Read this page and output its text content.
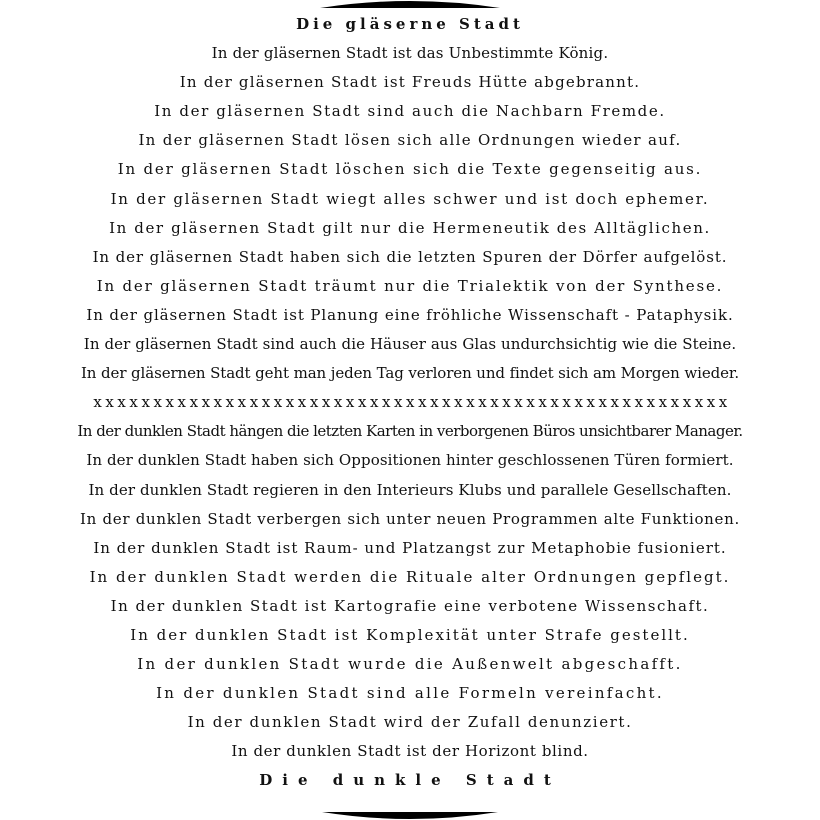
Die gläserne Stadt
In der gläsernen Stadt ist das Unbestimmte König.
In der gläsernen Stadt ist Freuds Hütte abgebrannt.
In der gläsernen Stadt sind auch die Nachbarn Fremde.
In der gläsernen Stadt lösen sich alle Ordnungen wieder auf.
In der gläsernen Stadt löschen sich die Texte gegenseitig aus.
In der gläsernen Stadt wiegt alles schwer und ist doch ephemer.
In der gläsernen Stadt gilt nur die Hermeneutik des Alltäglichen.
In der gläsernen Stadt haben sich die letzten Spuren der Dörfer aufgelöst.
In der gläsernen Stadt träumt nur die Trialektik von der Synthese.
In der gläsernen Stadt ist Planung eine fröhliche Wissenschaft - Pataphysik.
In der gläsernen Stadt sind auch die Häuser aus Glas undurchsichtig wie die Steine.
In der gläsernen Stadt geht man jeden Tag verloren und findet sich am Morgen wieder.
x x x x x x x x x x x x x x x x x x x x x x x x x x x x x x x x x x x x x x x x x x x x x x x x x x x x x
In der dunklen Stadt hängen die letzten Karten in verborgenen Büros unsichtbarer Manager.
In der dunklen Stadt haben sich Oppositionen hinter geschlossenen Türen formiert.
In der dunklen Stadt regieren in den Interieurs Klubs und parallele Gesellschaften.
In der dunklen Stadt verbergen sich unter neuen Programmen alte Funktionen.
In der dunklen Stadt ist Raum- und Platzangst zur Metaphobie fusioniert.
In der dunklen Stadt werden die Rituale alter Ordnungen gepflegt.
In der dunklen Stadt ist Kartografie eine verbotene Wissenschaft.
In der dunklen Stadt ist Komplexität unter Strafe gestellt.
In der dunklen Stadt wurde die Außenwelt abgeschafft.
In der dunklen Stadt sind alle Formeln vereinfacht.
In der dunklen Stadt wird der Zufall denunziert.
In der dunklen Stadt ist der Horizont blind.
Die dunkle Stadt
